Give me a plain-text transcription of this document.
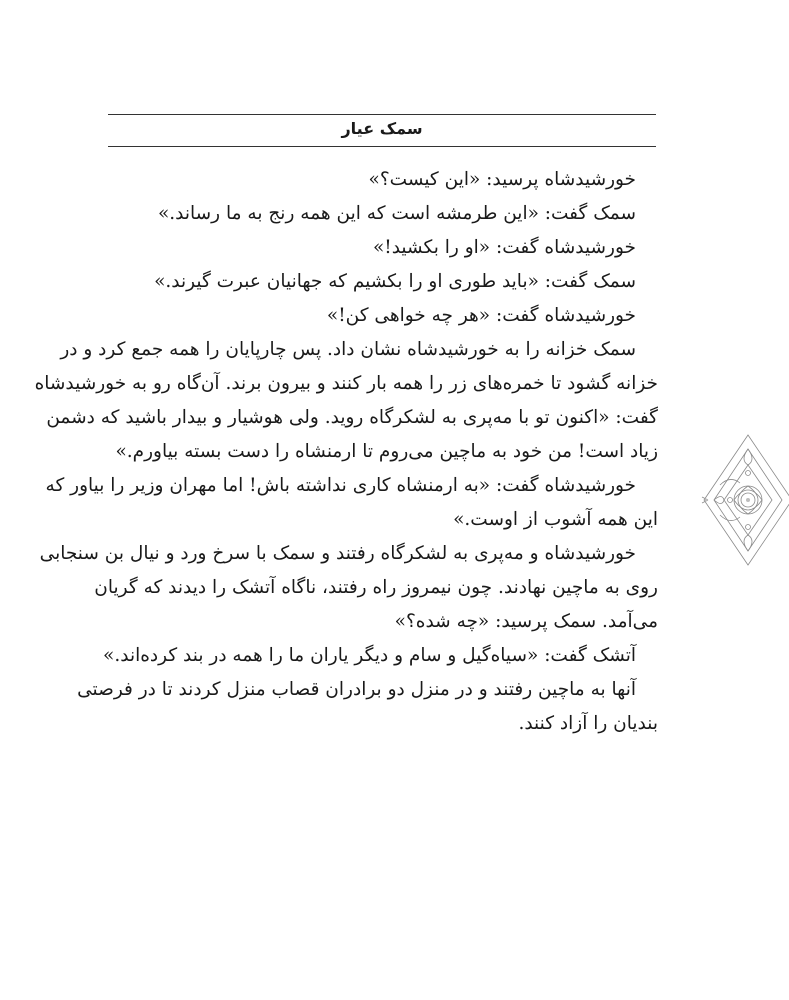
سمک عیار
خورشیدشاه پرسید: «این کیست؟»
سمک گفت: «این طرمشه است که این همه رنج به ما رساند.»
خورشیدشاه گفت: «او را بکشید!»
سمک گفت: «باید طوری او را بکشیم که جهانیان عبرت گیرند.»
خورشیدشاه گفت: «هر چه خواهی کن!»
سمک خزانه را به خورشیدشاه نشان داد. پس چارپایان را همه جمع کرد و در
خزانه گشود تا خمره‌های زر را همه بار کنند و بیرون برند. آن‌گاه رو به خورشیدشاه
گفت: «اکنون تو با مه‌پری به لشکرگاه روید. ولی هوشیار و بیدار باشید که دشمن
زیاد است! من خود به ماچین می‌روم تا ارمنشاه را دست بسته بیاورم.»
خورشیدشاه گفت: «به ارمنشاه کاری نداشته باش! اما مهران وزیر را بیاور که
این همه آشوب از اوست.»
خورشیدشاه و مه‌پری به لشکرگاه رفتند و سمک با سرخ ورد و نیال بن سنجابی
روی به ماچین نهادند. چون نیمروز راه رفتند، ناگاه آتشک را دیدند که گریان
می‌آمد. سمک پرسید: «چه شده؟»
آتشک گفت: «سیاه‌گیل و سام و دیگر یاران ما را همه در بند کرده‌اند.»
آنها به ماچین رفتند و در منزل دو برادران قصاب منزل کردند تا در فرصتی
بندیان را آزاد کنند.
